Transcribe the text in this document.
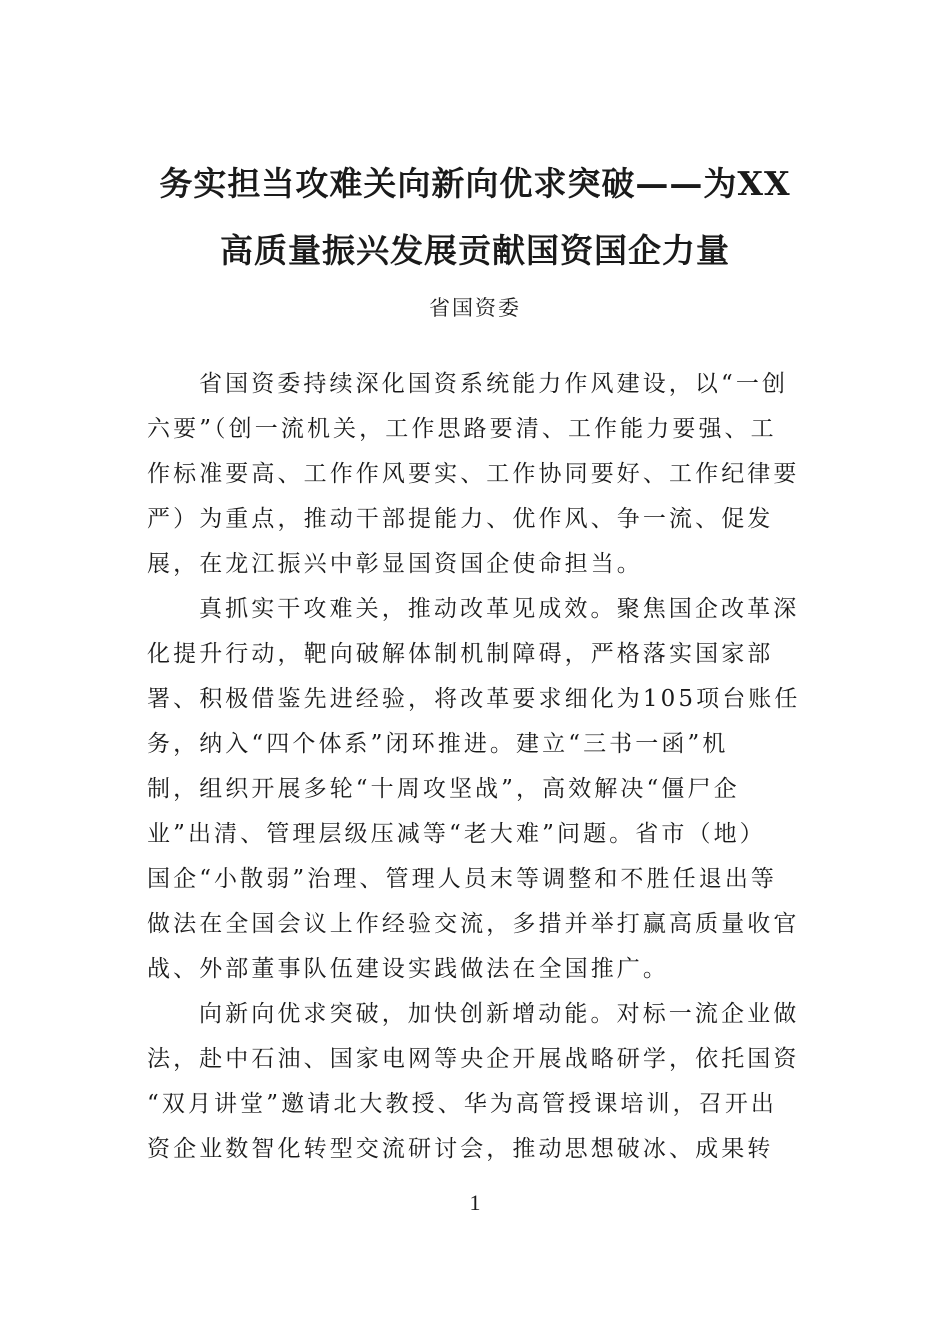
务实担当攻难关向新向优求突破——为XX
高质量振兴发展贡献国资国企力量
省国资委

省国资委持续深化国资系统能力作风建设，以“一创
六要”（创一流机关，工作思路要清、工作能力要强、工
作标准要高、工作作风要实、工作协同要好、工作纪律要
严）为重点，推动干部提能力、优作风、争一流、促发
展，在龙江振兴中彰显国资国企使命担当。

真抓实干攻难关，推动改革见成效。聚焦国企改革深
化提升行动，靶向破解体制机制障碍，严格落实国家部
署、积极借鉴先进经验，将改革要求细化为105项台账任
务，纳入“四个体系”闭环推进。建立“三书一函”机
制，组织开展多轮“十周攻坚战”，高效解决“僵尸企
业”出清、管理层级压减等“老大难”问题。省市（地）
国企“小散弱”治理、管理人员末等调整和不胜任退出等
做法在全国会议上作经验交流，多措并举打赢高质量收官
战、外部董事队伍建设实践做法在全国推广。

向新向优求突破，加快创新增动能。对标一流企业做
法，赴中石油、国家电网等央企开展战略研学，依托国资
“双月讲堂”邀请北大教授、华为高管授课培训，召开出
资企业数智化转型交流研讨会，推动思想破冰、成果转

1
